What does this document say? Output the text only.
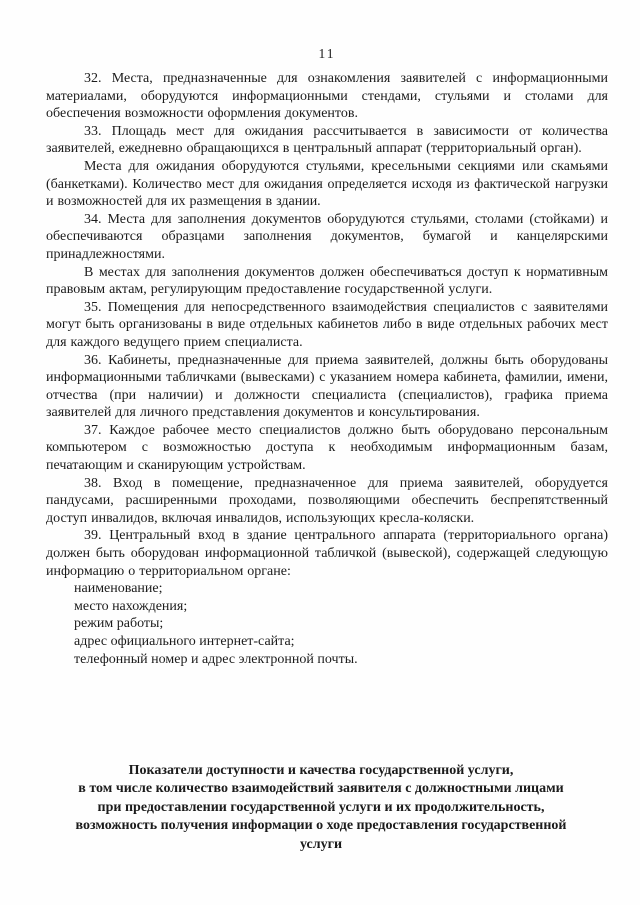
11

32. Места, предназначенные для ознакомления заявителей с информационными материалами, оборудуются информационными стендами, стульями и столами для обеспечения возможности оформления документов.

33. Площадь мест для ожидания рассчитывается в зависимости от количества заявителей, ежедневно обращающихся в центральный аппарат (территориальный орган).

Места для ожидания оборудуются стульями, кресельными секциями или скамьями (банкетками). Количество мест для ожидания определяется исходя из фактической нагрузки и возможностей для их размещения в здании.

34. Места для заполнения документов оборудуются стульями, столами (стойками) и обеспечиваются образцами заполнения документов, бумагой и канцелярскими принадлежностями.

В местах для заполнения документов должен обеспечиваться доступ к нормативным правовым актам, регулирующим предоставление государственной услуги.

35. Помещения для непосредственного взаимодействия специалистов с заявителями могут быть организованы в виде отдельных кабинетов либо в виде отдельных рабочих мест для каждого ведущего прием специалиста.

36. Кабинеты, предназначенные для приема заявителей, должны быть оборудованы информационными табличками (вывесками) с указанием номера кабинета, фамилии, имени, отчества (при наличии) и должности специалиста (специалистов), графика приема заявителей для личного представления документов и консультирования.

37. Каждое рабочее место специалистов должно быть оборудовано персональным компьютером с возможностью доступа к необходимым информационным базам, печатающим и сканирующим устройствам.

38. Вход в помещение, предназначенное для приема заявителей, оборудуется пандусами, расширенными проходами, позволяющими обеспечить беспрепятственный доступ инвалидов, включая инвалидов, использующих кресла-коляски.

39. Центральный вход в здание центрального аппарата (территориального органа) должен быть оборудован информационной табличкой (вывеской), содержащей следующую информацию о территориальном органе:

наименование;
место нахождения;
режим работы;
адрес официального интернет-сайта;
телефонный номер и адрес электронной почты.
Показатели доступности и качества государственной услуги,
в том числе количество взаимодействий заявителя с должностными лицами
при предоставлении государственной услуги и их продолжительность,
возможность получения информации о ходе предоставления государственной
услуги
